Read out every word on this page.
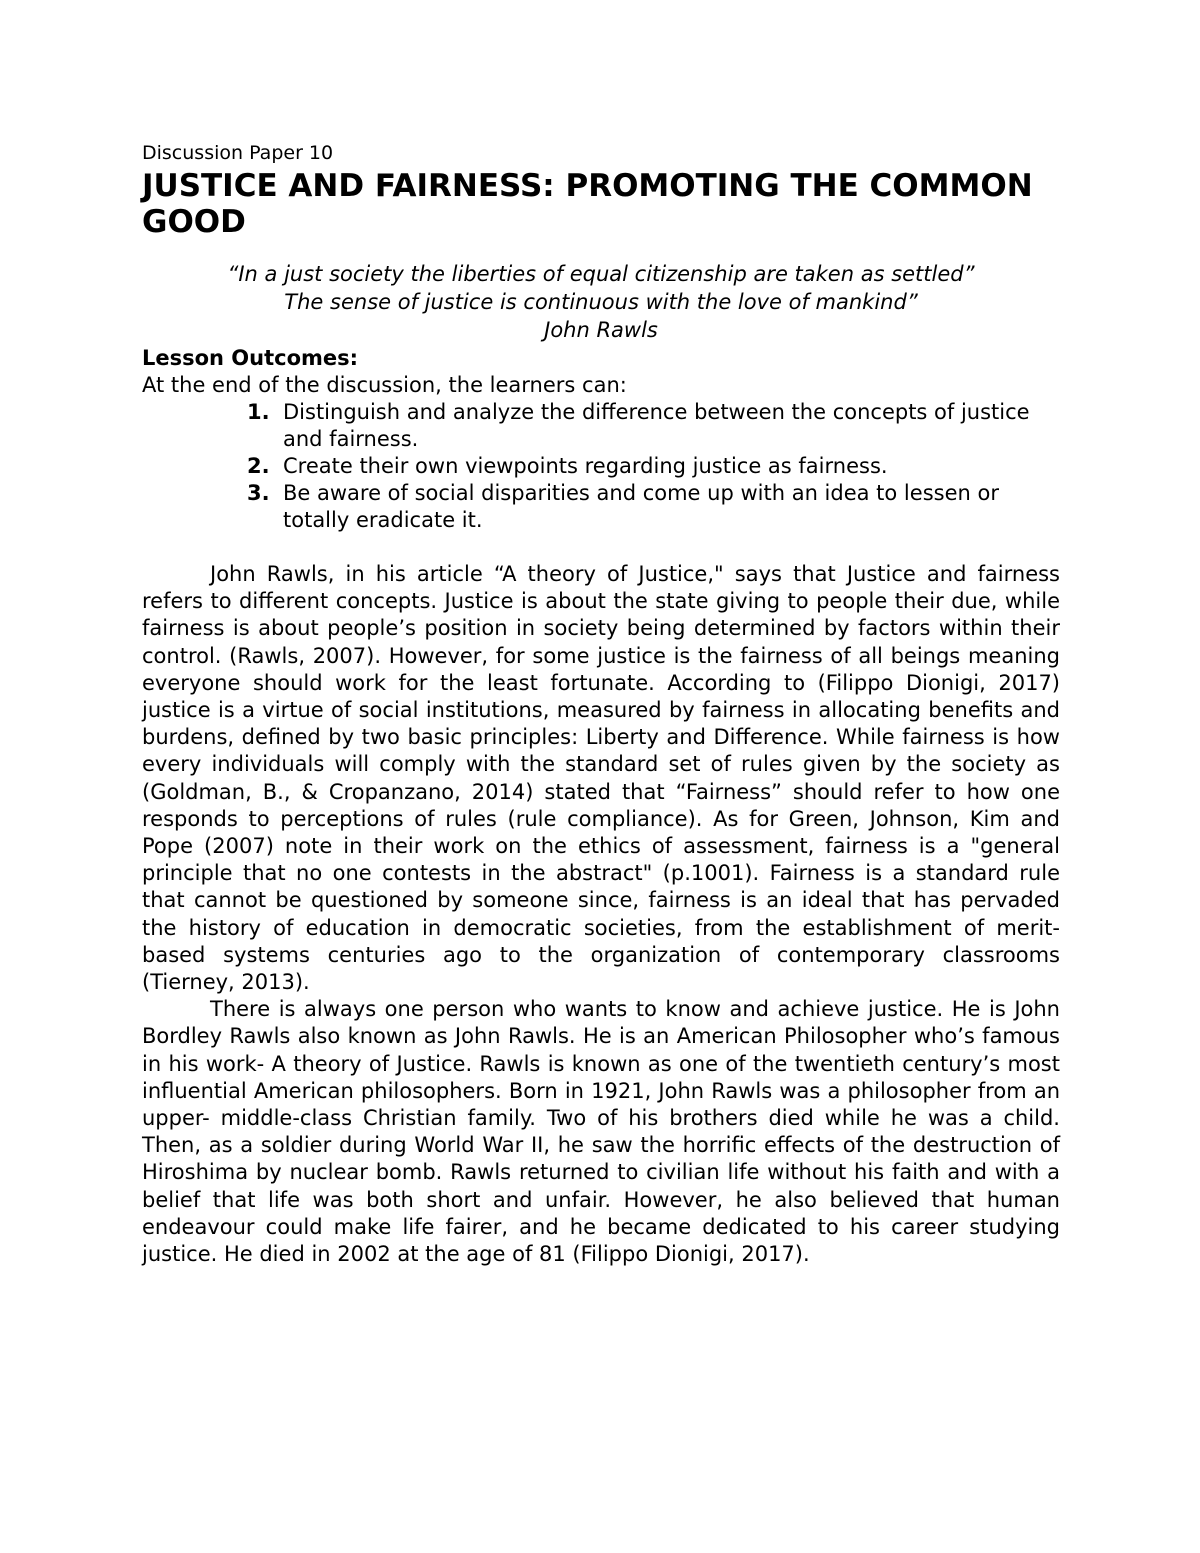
Discussion Paper 10

JUSTICE AND FAIRNESS: PROMOTING THE COMMON GOOD
“In a just society the liberties of equal citizenship are taken as settled”
The sense of justice is continuous with the love of mankind”
John Rawls
Lesson Outcomes:

At the end of the discussion, the learners can:

1. Distinguish and analyze the difference between the concepts of justice and fairness.
2. Create their own viewpoints regarding justice as fairness.
3. Be aware of social disparities and come up with an idea to lessen or totally eradicate it.

John Rawls, in his article “A theory of Justice," says that Justice and fairness refers to different concepts. Justice is about the state giving to people their due, while fairness is about people’s position in society being determined by factors within their control. (Rawls, 2007). However, for some justice is the fairness of all beings meaning everyone should work for the least fortunate. According to (Filippo Dionigi, 2017) justice is a virtue of social institutions, measured by fairness in allocating benefits and burdens, defined by two basic principles: Liberty and Difference. While fairness is how every individuals will comply with the standard set of rules given by the society as (Goldman, B., & Cropanzano, 2014) stated that “Fairness” should refer to how one responds to perceptions of rules (rule compliance). As for Green, Johnson, Kim and Pope (2007) note in their work on the ethics of assessment, fairness is a "general principle that no one contests in the abstract" (p.1001). Fairness is a standard rule that cannot be questioned by someone since, fairness is an ideal that has pervaded the history of education in democratic societies, from the establishment of merit-based systems centuries ago to the organization of contemporary classrooms (Tierney, 2013).

There is always one person who wants to know and achieve justice. He is John Bordley Rawls also known as John Rawls. He is an American Philosopher who’s famous in his work- A theory of Justice. Rawls is known as one of the twentieth century’s most influential American philosophers. Born in 1921, John Rawls was a philosopher from an upper- middle-class Christian family. Two of his brothers died while he was a child. Then, as a soldier during World War II, he saw the horrific effects of the destruction of Hiroshima by nuclear bomb. Rawls returned to civilian life without his faith and with a belief that life was both short and unfair. However, he also believed that human endeavour could make life fairer, and he became dedicated to his career studying justice. He died in 2002 at the age of 81 (Filippo Dionigi, 2017).
